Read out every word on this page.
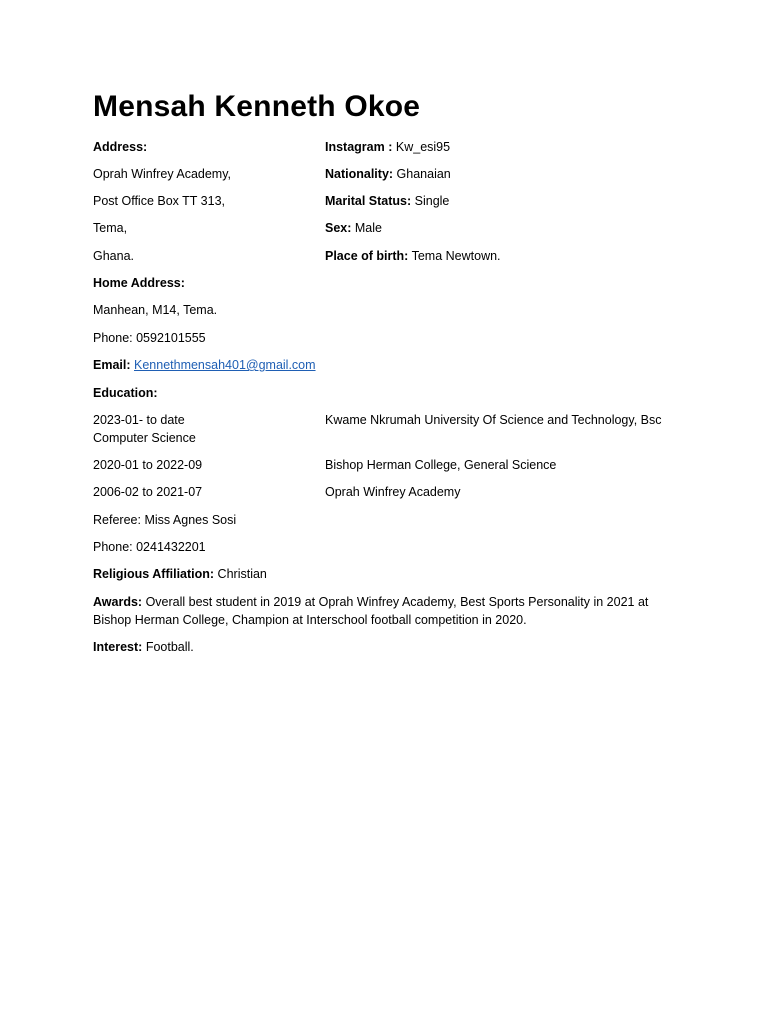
Mensah Kenneth Okoe
Address:	Instagram : Kw_esi95
Oprah Winfrey Academy,	Nationality: Ghanaian
Post Office Box TT 313,	Marital Status: Single
Tema,	Sex: Male
Ghana.	Place of birth: Tema Newtown.
Home Address:
Manhean, M14, Tema.
Phone: 0592101555
Email: Kennethmensah401@gmail.com
Education:
2023-01- to date	Kwame Nkrumah University Of Science and Technology, Bsc
Computer Science
2020-01 to 2022-09	Bishop Herman College, General Science
2006-02 to 2021-07	Oprah Winfrey Academy
Referee: Miss Agnes Sosi
Phone: 0241432201
Religious Affiliation: Christian
Awards: Overall best student in 2019 at Oprah Winfrey Academy, Best Sports Personality in 2021 at Bishop Herman College, Champion at Interschool football competition in 2020.
Interest: Football.
